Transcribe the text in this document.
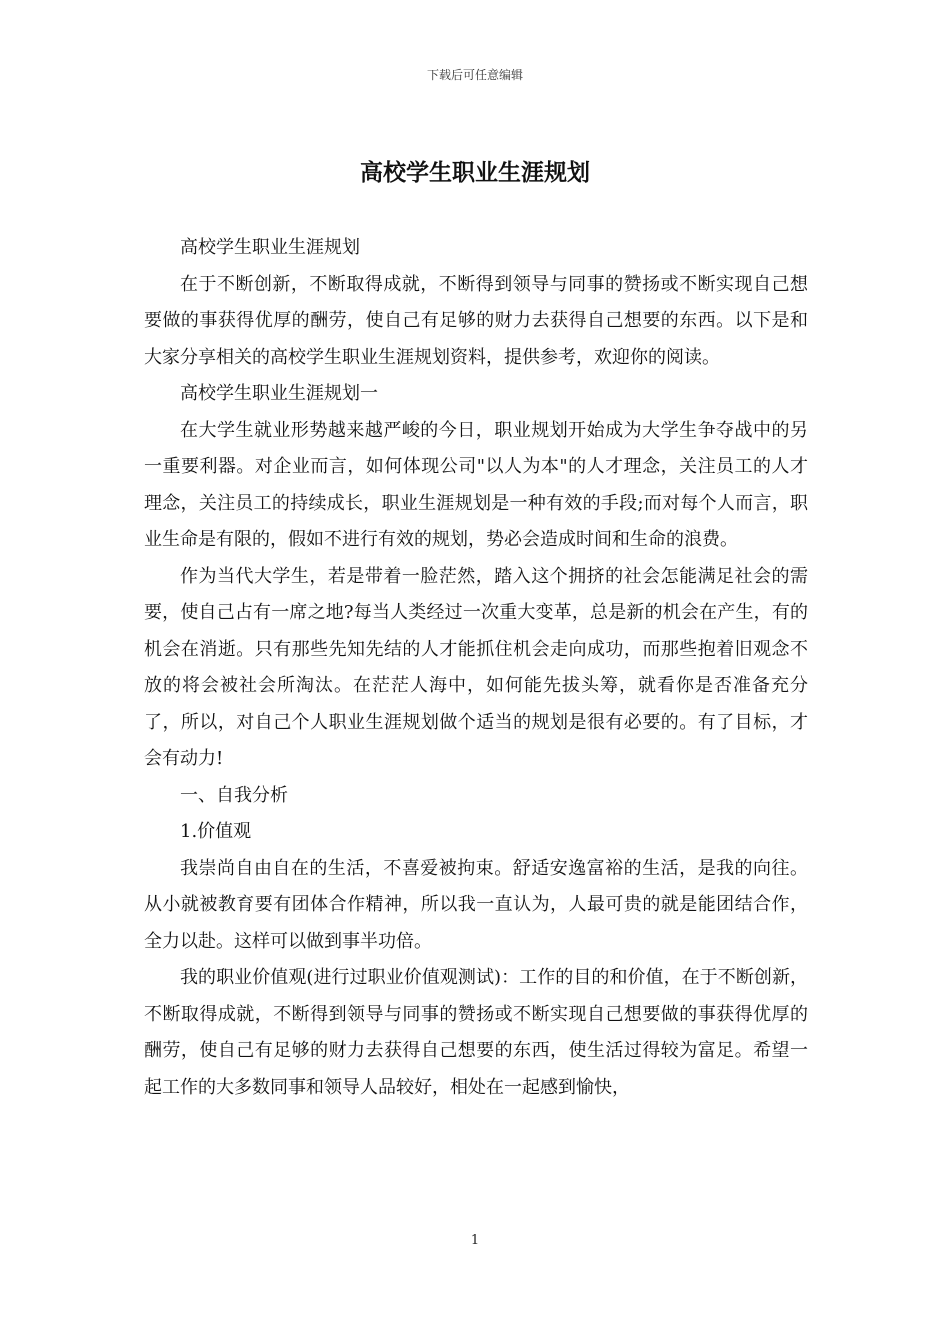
下载后可任意编辑
高校学生职业生涯规划

高校学生职业生涯规划

在于不断创新，不断取得成就，不断得到领导与同事的赞扬或不断实现自己想要做的事获得优厚的酬劳，使自己有足够的财力去获得自己想要的东西。以下是和大家分享相关的高校学生职业生涯规划资料，提供参考，欢迎你的阅读。

高校学生职业生涯规划一

在大学生就业形势越来越严峻的今日，职业规划开始成为大学生争夺战中的另一重要利器。对企业而言，如何体现公司"以人为本"的人才理念，关注员工的人才理念，关注员工的持续成长，职业生涯规划是一种有效的手段;而对每个人而言，职业生命是有限的，假如不进行有效的规划，势必会造成时间和生命的浪费。

作为当代大学生，若是带着一脸茫然，踏入这个拥挤的社会怎能满足社会的需要，使自己占有一席之地?每当人类经过一次重大变革，总是新的机会在产生，有的机会在消逝。只有那些先知先结的人才能抓住机会走向成功，而那些抱着旧观念不放的将会被社会所淘汰。在茫茫人海中，如何能先拔头筹，就看你是否准备充分了，所以，对自己个人职业生涯规划做个适当的规划是很有必要的。有了目标，才会有动力!

一、自我分析

1.价值观

我崇尚自由自在的生活，不喜爱被拘束。舒适安逸富裕的生活，是我的向往。从小就被教育要有团体合作精神，所以我一直认为，人最可贵的就是能团结合作，全力以赴。这样可以做到事半功倍。

我的职业价值观(进行过职业价值观测试)：工作的目的和价值，在于不断创新，不断取得成就，不断得到领导与同事的赞扬或不断实现自己想要做的事获得优厚的酬劳，使自己有足够的财力去获得自己想要的东西，使生活过得较为富足。希望一起工作的大多数同事和领导人品较好，相处在一起感到愉快，

1
